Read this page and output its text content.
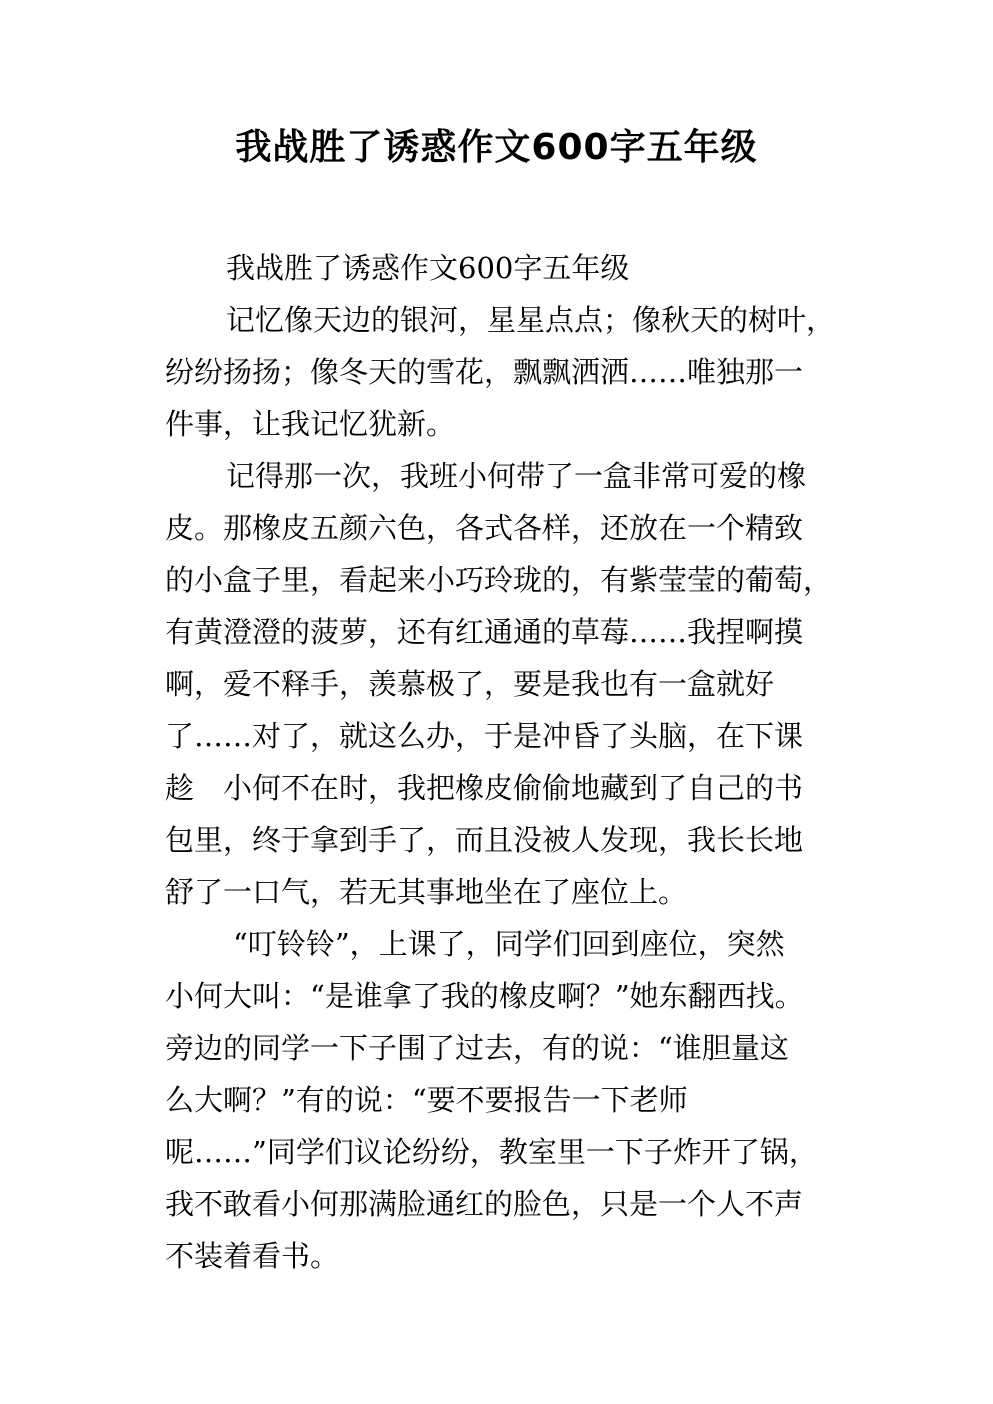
我战胜了诱惑作文600字五年级
我战胜了诱惑作文600字五年级
记忆像天边的银河，星星点点；像秋天的树叶，
纷纷扬扬；像冬天的雪花，飘飘洒洒……唯独那一
件事，让我记忆犹新。
记得那一次，我班小何带了一盒非常可爱的橡
皮。那橡皮五颜六色，各式各样，还放在一个精致
的小盒子里，看起来小巧玲珑的，有紫莹莹的葡萄，
有黄澄澄的菠萝，还有红通通的草莓……我捏啊摸
啊，爱不释手，羡慕极了，要是我也有一盒就好
了……对了，就这么办，于是冲昏了头脑，在下课
趁　小何不在时，我把橡皮偷偷地藏到了自己的书
包里，终于拿到手了，而且没被人发现，我长长地
舒了一口气，若无其事地坐在了座位上。
“叮铃铃”，上课了，同学们回到座位，突然
小何大叫：“是谁拿了我的橡皮啊？”她东翻西找。
旁边的同学一下子围了过去，有的说：“谁胆量这
么大啊？”有的说：“要不要报告一下老师
呢……”同学们议论纷纷，教室里一下子炸开了锅，
我不敢看小何那满脸通红的脸色，只是一个人不声
不装着看书。
